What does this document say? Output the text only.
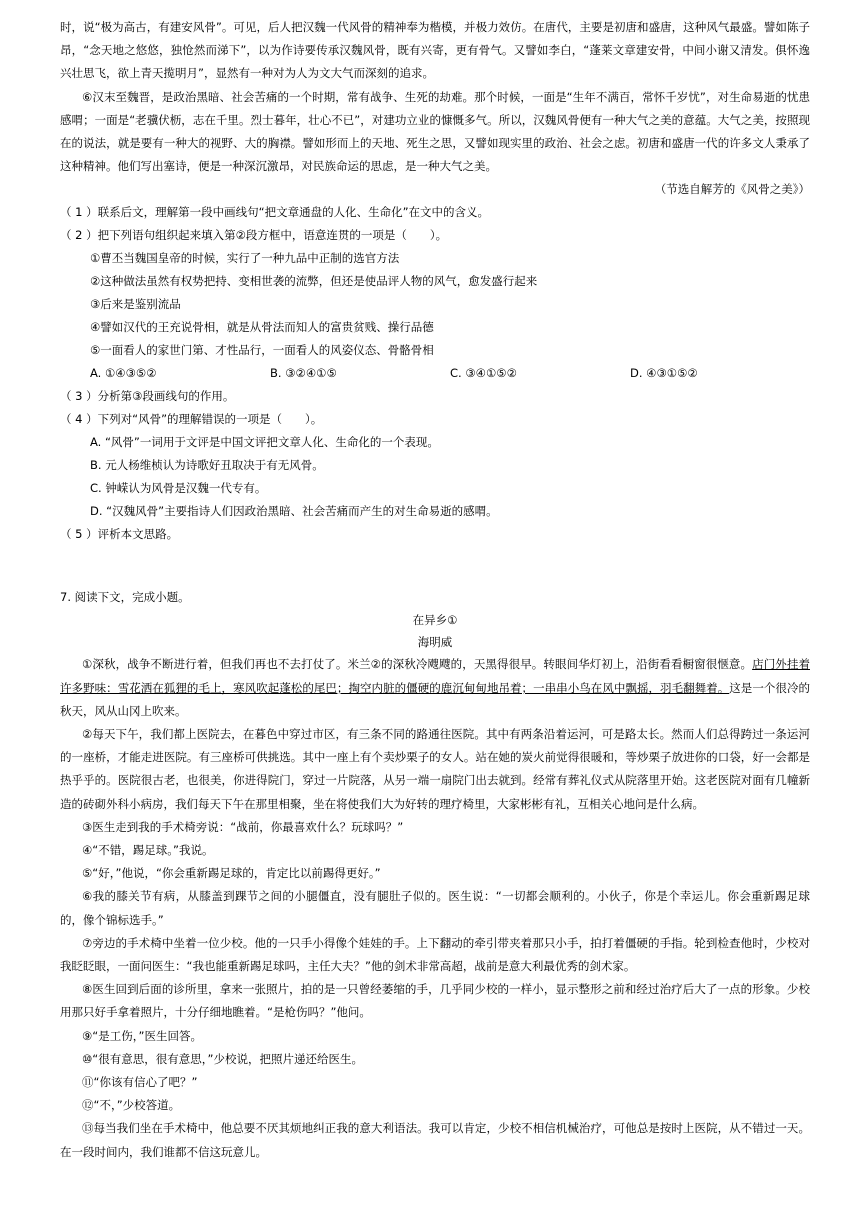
时，说“极为高古，有建安风骨”。可见，后人把汉魏一代风骨的精神奉为楷模，并极力效仿。在唐代，主要是初唐和盛唐，这种风气最盛。譬如陈子昂，“念天地之悠悠，独怆然而涕下”，以为作诗要传承汉魏风骨，既有兴寄，更有骨气。又譬如李白，“蓬莱文章建安骨，中间小谢又清发。俱怀逸兴壮思飞，欲上青天揽明月”，显然有一种对为人为文大气而深刻的追求。

⑥汉末至魏晋，是政治黑暗、社会苦痛的一个时期，常有战争、生死的劫难。那个时候，一面是“生年不满百，常怀千岁忧”，对生命易逝的忧患感喟；一面是“老骥伏枥，志在千里。烈士暮年，壮心不已”，对建功立业的慷慨多气。所以，汉魏风骨便有一种大气之美的意蕴。大气之美，按照现在的说法，就是要有一种大的视野、大的胸襟。譬如形而上的天地、死生之思，又譬如现实里的政治、社会之虑。初唐和盛唐一代的许多文人秉承了这种精神。他们写出塞诗，便是一种深沉激昂，对民族命运的思虑，是一种大气之美。

（节选自解芳的《风骨之美》）

（ 1 ）联系后文，理解第一段中画线句“把文章通盘的人化、生命化”在文中的含义。

（ 2 ）把下列语句组织起来填入第②段方框中，语意连贯的一项是（　　）。

①曹丕当魏国皇帝的时候，实行了一种九品中正制的选官方法

②这种做法虽然有权势把持、变相世袭的流弊，但还是使品评人物的风气，愈发盛行起来

③后来是鉴别流品

④譬如汉代的王充说骨相，就是从骨法而知人的富贵贫贱、操行品德

⑤一面看人的家世门第、才性品行，一面看人的风姿仪态、骨骼骨相

A. ①④③⑤②	B. ③②④①⑤	C. ③④①⑤②	D. ④③①⑤②

（ 3 ）分析第③段画线句的作用。

（ 4 ）下列对“风骨”的理解错误的一项是（　　）。

A. “风骨”一词用于文评是中国文评把文章人化、生命化的一个表现。

B. 元人杨维桢认为诗歌好丑取决于有无风骨。

C. 钟嵘认为风骨是汉魏一代专有。

D. “汉魏风骨”主要指诗人们因政治黑暗、社会苦痛而产生的对生命易逝的感喟。

（ 5 ）评析本文思路。

7. 阅读下文，完成小题。

在异乡①

海明威

①深秋，战争不断进行着，但我们再也不去打仗了。米兰②的深秋冷飕飕的，天黑得很早。转眼间华灯初上，沿街看看橱窗很惬意。店门外挂着许多野味：雪花洒在狐狸的毛上，寒风吹起蓬松的尾巴；掏空内脏的僵硬的鹿沉甸甸地吊着；一串串小鸟在风中飘摇，羽毛翻舞着。这是一个很冷的秋天，风从山冈上吹来。

②每天下午，我们都上医院去，在暮色中穿过市区，有三条不同的路通往医院。其中有两条沿着运河，可是路太长。然而人们总得跨过一条运河的一座桥，才能走进医院。有三座桥可供挑选。其中一座上有个卖炒栗子的女人。站在她的炭火前觉得很暖和，等炒栗子放进你的口袋，好一会都是热乎乎的。医院很古老，也很美，你进得院门，穿过一片院落，从另一端一扇院门出去就到。经常有葬礼仪式从院落里开始。这老医院对面有几幢新造的砖砌外科小病房，我们每天下午在那里相聚，坐在将使我们大为好转的理疗椅里，大家彬彬有礼，互相关心地问是什么病。

③医生走到我的手术椅旁说：“战前，你最喜欢什么？玩球吗？”

④“不错，踢足球。”我说。

⑤“好，”他说，“你会重新踢足球的，肯定比以前踢得更好。”

⑥我的膝关节有病，从膝盖到踝节之间的小腿僵直，没有腿肚子似的。医生说：“一切都会顺利的。小伙子，你是个幸运儿。你会重新踢足球的，像个锦标选手。”

⑦旁边的手术椅中坐着一位少校。他的一只手小得像个娃娃的手。上下翻动的牵引带夹着那只小手，拍打着僵硬的手指。轮到检查他时，少校对我眨眨眼，一面问医生：“我也能重新踢足球吗，主任大夫？”他的剑术非常高超，战前是意大利最优秀的剑术家。

⑧医生回到后面的诊所里，拿来一张照片，拍的是一只曾经萎缩的手，几乎同少校的一样小，显示整形之前和经过治疗后大了一点的形象。少校用那只好手拿着照片，十分仔细地瞧着。“是枪伤吗？”他问。

⑨“是工伤，”医生回答。

⑩“很有意思，很有意思，”少校说，把照片递还给医生。

⑪“你该有信心了吧？”

⑫“不，”少校答道。

⑬每当我们坐在手术椅中，他总要不厌其烦地纠正我的意大利语法。我可以肯定，少校不相信机械治疗，可他总是按时上医院，从不错过一天。在一段时间内，我们谁都不信这玩意儿。
